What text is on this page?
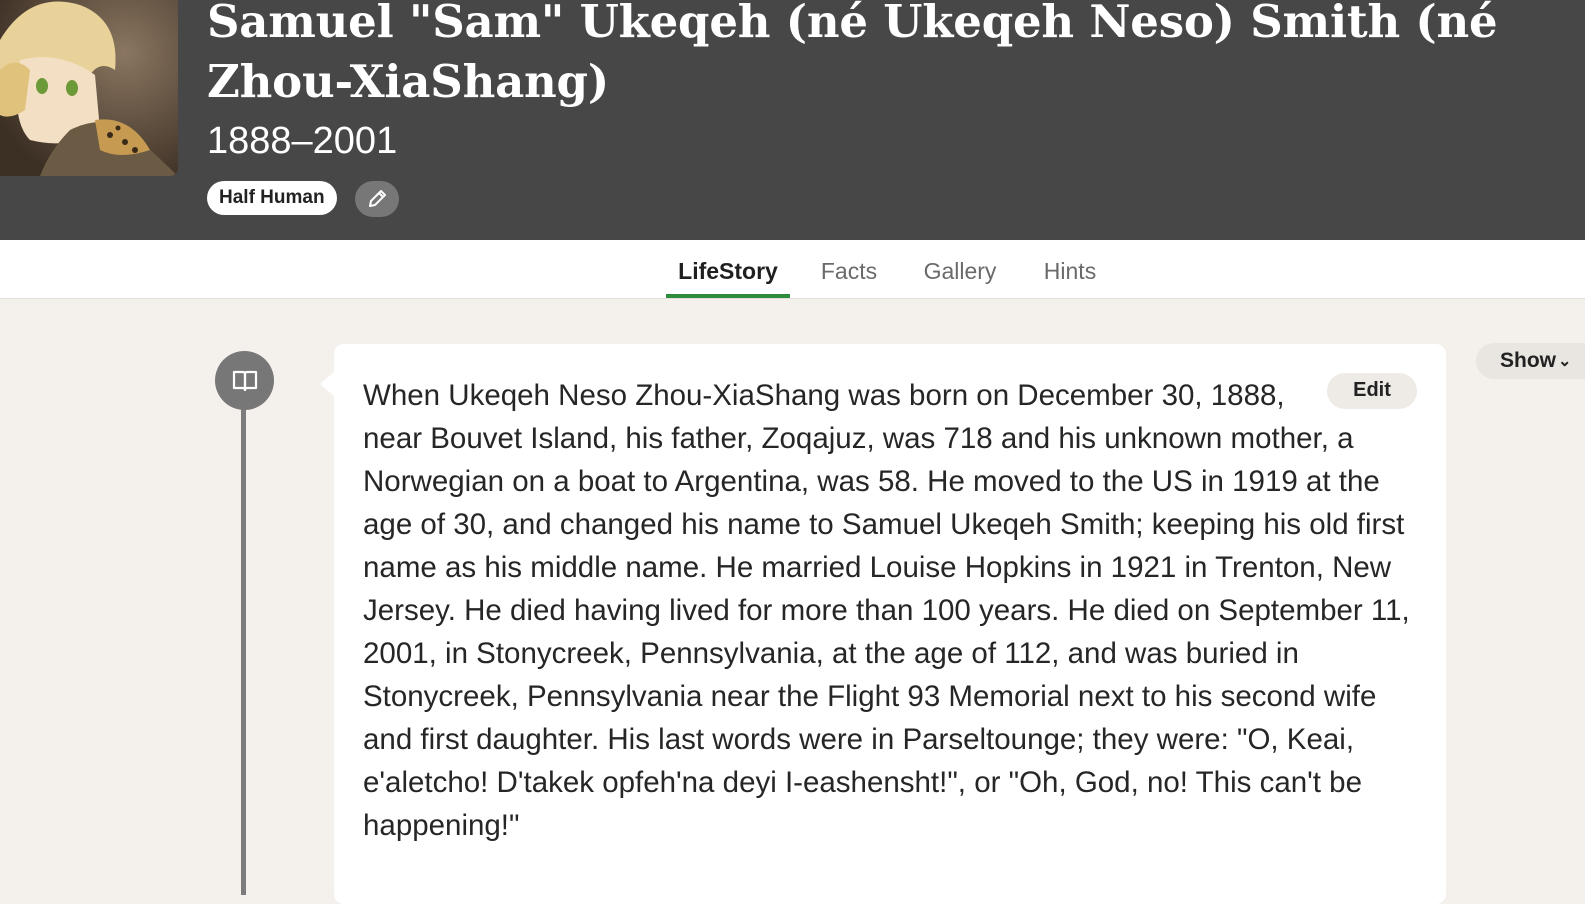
Samuel "Sam" Ukeqeh (né Ukeqeh Neso) Smith (né Zhou-XiaShang)
1888–2001
Half Human
LifeStory	Facts	Gallery	Hints
When Ukeqeh Neso Zhou-XiaShang was born on December 30, 1888, near Bouvet Island, his father, Zoqajuz, was 718 and his unknown mother, a Norwegian on a boat to Argentina, was 58. He moved to the US in 1919 at the age of 30, and changed his name to Samuel Ukeqeh Smith; keeping his old first name as his middle name. He married Louise Hopkins in 1921 in Trenton, New Jersey. He died having lived for more than 100 years. He died on September 11, 2001, in Stonycreek, Pennsylvania, at the age of 112, and was buried in Stonycreek, Pennsylvania near the Flight 93 Memorial next to his second wife and first daughter. His last words were in Parseltounge; they were: "O, Keai, e'aletcho! D'takek opfeh'na deyi I-eashensht!", or "Oh, God, no! This can't be happening!"
Edit
Show ⌄
